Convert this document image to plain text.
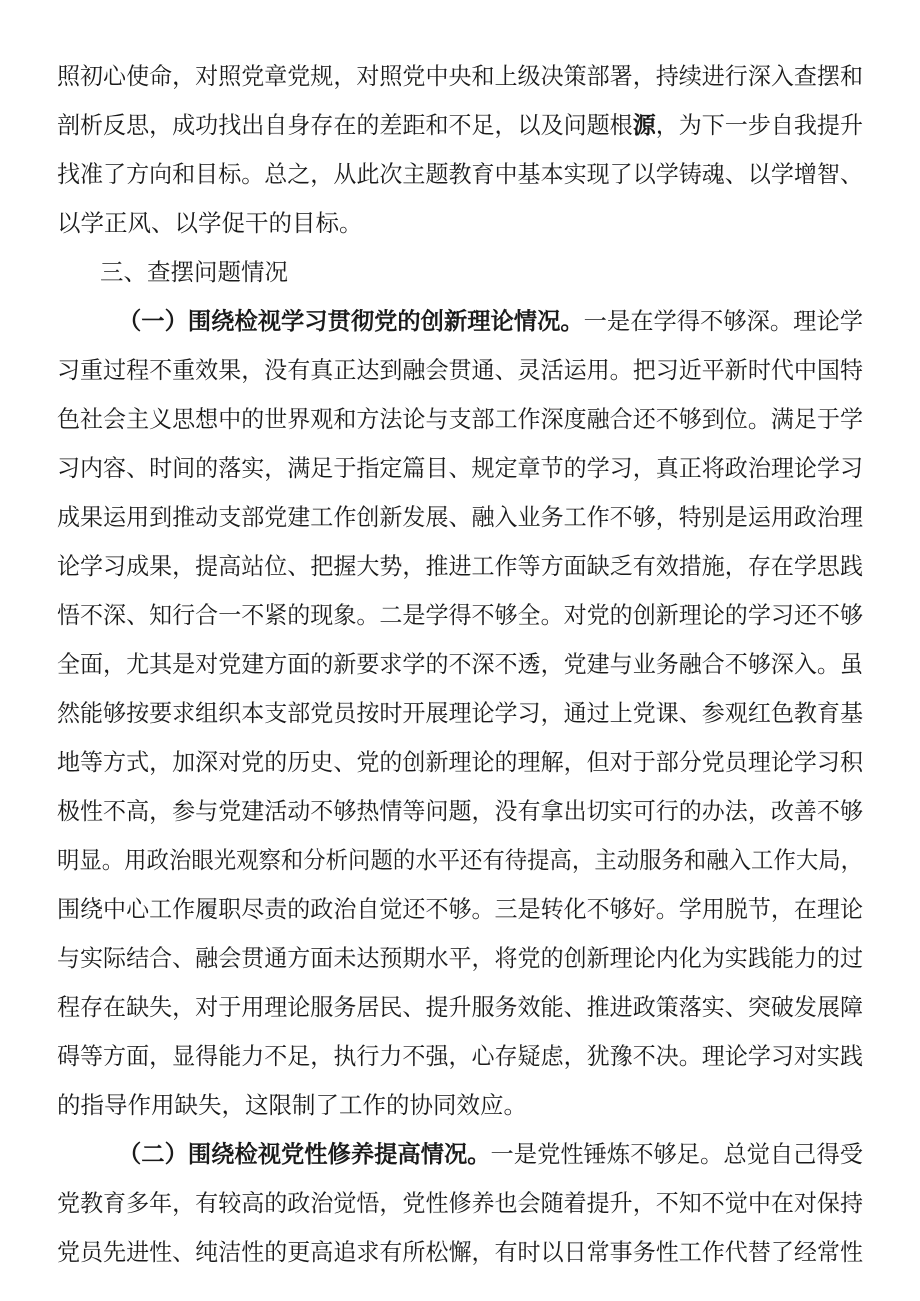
照初心使命，对照党章党规，对照党中央和上级决策部署，持续进行深入查摆和
剖析反思，成功找出自身存在的差距和不足，以及问题根源，为下一步自我提升
找准了方向和目标。总之，从此次主题教育中基本实现了以学铸魂、以学增智、
以学正风、以学促干的目标。
三、查摆问题情况
（一）围绕检视学习贯彻党的创新理论情况。一是在学得不够深。理论学
习重过程不重效果，没有真正达到融会贯通、灵活运用。把习近平新时代中国特
色社会主义思想中的世界观和方法论与支部工作深度融合还不够到位。满足于学
习内容、时间的落实，满足于指定篇目、规定章节的学习，真正将政治理论学习
成果运用到推动支部党建工作创新发展、融入业务工作不够，特别是运用政治理
论学习成果，提高站位、把握大势，推进工作等方面缺乏有效措施，存在学思践
悟不深、知行合一不紧的现象。二是学得不够全。对党的创新理论的学习还不够
全面，尤其是对党建方面的新要求学的不深不透，党建与业务融合不够深入。虽
然能够按要求组织本支部党员按时开展理论学习，通过上党课、参观红色教育基
地等方式，加深对党的历史、党的创新理论的理解，但对于部分党员理论学习积
极性不高，参与党建活动不够热情等问题，没有拿出切实可行的办法，改善不够
明显。用政治眼光观察和分析问题的水平还有待提高，主动服务和融入工作大局，
围绕中心工作履职尽责的政治自觉还不够。三是转化不够好。学用脱节，在理论
与实际结合、融会贯通方面未达预期水平，将党的创新理论内化为实践能力的过
程存在缺失，对于用理论服务居民、提升服务效能、推进政策落实、突破发展障
碍等方面，显得能力不足，执行力不强，心存疑虑，犹豫不决。理论学习对实践
的指导作用缺失，这限制了工作的协同效应。
（二）围绕检视党性修养提高情况。一是党性锤炼不够足。总觉自己得受
党教育多年，有较高的政治觉悟，党性修养也会随着提升，不知不觉中在对保持
党员先进性、纯洁性的更高追求有所松懈，有时以日常事务性工作代替了经常性
